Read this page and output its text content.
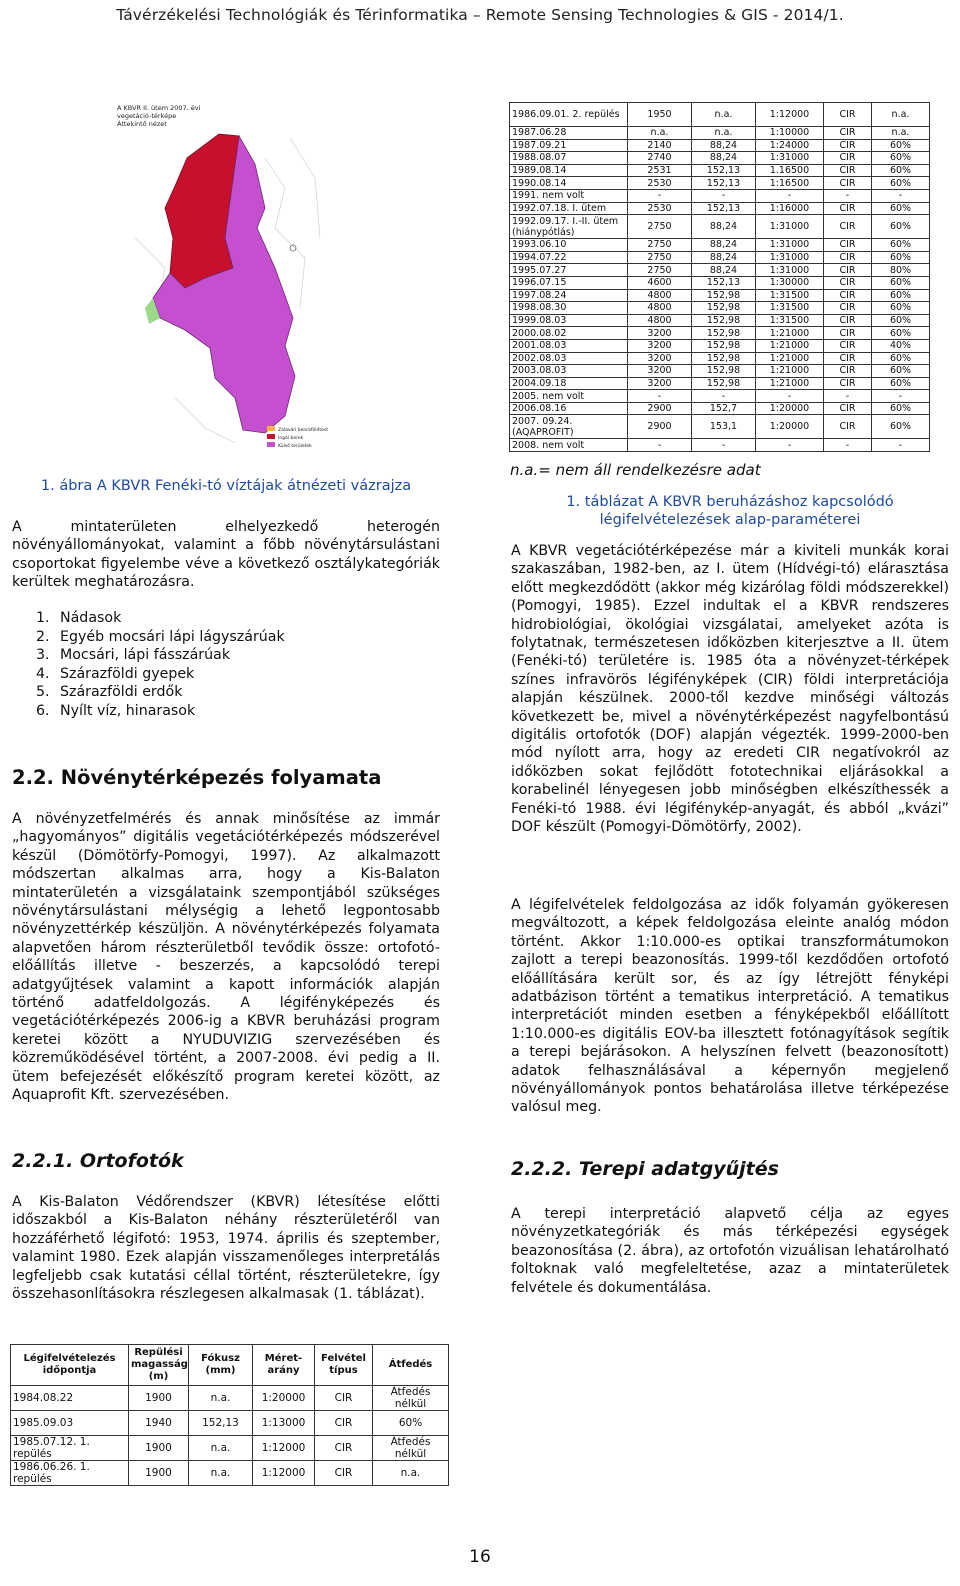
Távérzékelési Technológiák és Térinformatika – Remote Sensing Technologies & GIS - 2014/1.
A KBVR II. ütem 2007. évi
vegetáció-térképe
Áttekintő nézet
Zalavári belvízföldtest
Ingói berek
Külső területek
1. ábra A KBVR Fenéki-tó víztájak átnézeti vázrajza

A mintaterületen elhelyezkedő heterogén növényállományokat, valamint a főbb növénytársulástani csoportokat figyelembe véve a következő osztálykategóriák kerültek meghatározásra.

1. Nádasok
2. Egyéb mocsári lápi lágyszárúak
3. Mocsári, lápi fásszárúak
4. Szárazföldi gyepek
5. Szárazföldi erdők
6. Nyílt víz, hinarasok
2.2. Növénytérképezés folyamata

A növényzetfelmérés és annak minősítése az immár „hagyományos” digitális vegetációtérképezés módszerével készül (Dömötörfy-Pomogyi, 1997). Az alkalmazott módszertan alkalmas arra, hogy a Kis-Balaton mintaterületén a vizsgálataink szempontjából szükséges növénytársulástani mélységig a lehető legpontosabb növényzettérkép készüljön. A növénytérképezés folyamata alapvetően három részterületből tevődik össze: ortofotó-előállítás illetve - beszerzés, a kapcsolódó terepi adatgyűjtések valamint a kapott információk alapján történő adatfeldolgozás. A légifényképezés és vegetációtérképezés 2006-ig a KBVR beruházási program keretei között a NYUDUVIZIG szervezésében és közreműködésével történt, a 2007-2008. évi pedig a II. ütem befejezését előkészítő program keretei között, az Aquaprofit Kft. szervezésében.

2.2.1. Ortofotók

A Kis-Balaton Védőrendszer (KBVR) létesítése előtti időszakból a Kis-Balaton néhány részterületéről van hozzáférhető légifotó: 1953, 1974. április és szeptember, valamint 1980. Ezek alapján visszamenőleges interpretálás legfeljebb csak kutatási céllal történt, részterületekre, így összehasonlításokra részlegesen alkalmasak (1. táblázat).

Légifelvételezés időpontja	Repülési magasság (m)	Fókusz (mm)	Méret-arány	Felvétel típus	Átfedés
1984.08.22	1900	n.a.	1:20000	CIR	Átfedés nélkül
1985.09.03	1940	152,13	1:13000	CIR	60%
1985.07.12. 1. repülés	1900	n.a.	1:12000	CIR	Átfedés nélkül
1986.06.26. 1. repülés	1900	n.a.	1:12000	CIR	n.a.
1986.09.01. 2. repülés	1950	n.a.	1:12000	CIR	n.a.
1987.06.28	n.a.	n.a.	1:10000	CIR	n.a.
1987.09.21	2140	88,24	1:24000	CIR	60%
1988.08.07	2740	88,24	1:31000	CIR	60%
1989.08.14	2531	152,13	1.16500	CIR	60%
1990.08.14	2530	152,13	1:16500	CIR	60%
1991. nem volt	-	-	-	-	-
1992.07.18. I. ütem	2530	152,13	1:16000	CIR	60%
1992.09.17. I.-II. ütem (hiánypótlás)	2750	88,24	1:31000	CIR	60%
1993.06.10	2750	88,24	1:31000	CIR	60%
1994.07.22	2750	88,24	1:31000	CIR	60%
1995.07.27	2750	88,24	1:31000	CIR	80%
1996.07.15	4600	152,13	1:30000	CIR	60%
1997.08.24	4800	152,98	1:31500	CIR	60%
1998.08.30	4800	152,98	1:31500	CIR	60%
1999.08.03	4800	152,98	1:31500	CIR	60%
2000.08.02	3200	152,98	1:21000	CIR	60%
2001.08.03	3200	152,98	1:21000	CIR	40%
2002.08.03	3200	152,98	1:21000	CIR	60%
2003.08.03	3200	152,98	1:21000	CIR	60%
2004.09.18	3200	152,98	1:21000	CIR	60%
2005. nem volt	-	-	-	-	-
2006.08.16	2900	152,7	1:20000	CIR	60%
2007. 09.24. (AQAPROFIT)	2900	153,1	1:20000	CIR	60%
2008. nem volt	-	-	-	-	-
n.a.= nem áll rendelkezésre adat
1. táblázat A KBVR beruházáshoz kapcsolódó
légifelvételezések alap-paraméterei

A KBVR vegetációtérképezése már a kiviteli munkák korai szakaszában, 1982-ben, az I. ütem (Hídvégi-tó) elárasztása előtt megkezdődött (akkor még kizárólag földi módszerekkel) (Pomogyi, 1985). Ezzel indultak el a KBVR rendszeres hidrobiológiai, ökológiai vizsgálatai, amelyeket azóta is folytatnak, természetesen időközben kiterjesztve a II. ütem (Fenéki-tó) területére is. 1985 óta a növényzet-térképek színes infravörös légifényképek (CIR) földi interpretációja alapján készülnek. 2000-től kezdve minőségi változás következett be, mivel a növénytérképezést nagyfelbontású digitális ortofotók (DOF) alapján végezték. 1999-2000-ben mód nyílott arra, hogy az eredeti CIR negatívokról az időközben sokat fejlődött fototechnikai eljárásokkal a korabelinél lényegesen jobb minőségben elkészíthessék a Fenéki-tó 1988. évi légifénykép-anyagát, és abból „kvázi” DOF készült (Pomogyi-Dömötörfy, 2002).

A légifelvételek feldolgozása az idők folyamán gyökeresen megváltozott, a képek feldolgozása eleinte analóg módon történt. Akkor 1:10.000-es optikai transzformátumokon zajlott a terepi beazonosítás. 1999-től kezdődően ortofotó előállítására került sor, és az így létrejött fényképi adatbázison történt a tematikus interpretáció. A tematikus interpretációt minden esetben a fényképekből előállított 1:10.000-es digitális EOV-ba illesztett fotónagyítások segítik a terepi bejárásokon. A helyszínen felvett (beazonosított) adatok felhasználásával a képernyőn megjelenő növényállományok pontos behatárolása illetve térképezése valósul meg.

2.2.2. Terepi adatgyűjtés

A terepi interpretáció alapvető célja az egyes növényzetkategóriák és más térképezési egységek beazonosítása (2. ábra), az ortofotón vizuálisan lehatárolható foltoknak való megfeleltetése, azaz a mintaterületek felvétele és dokumentálása.

16
